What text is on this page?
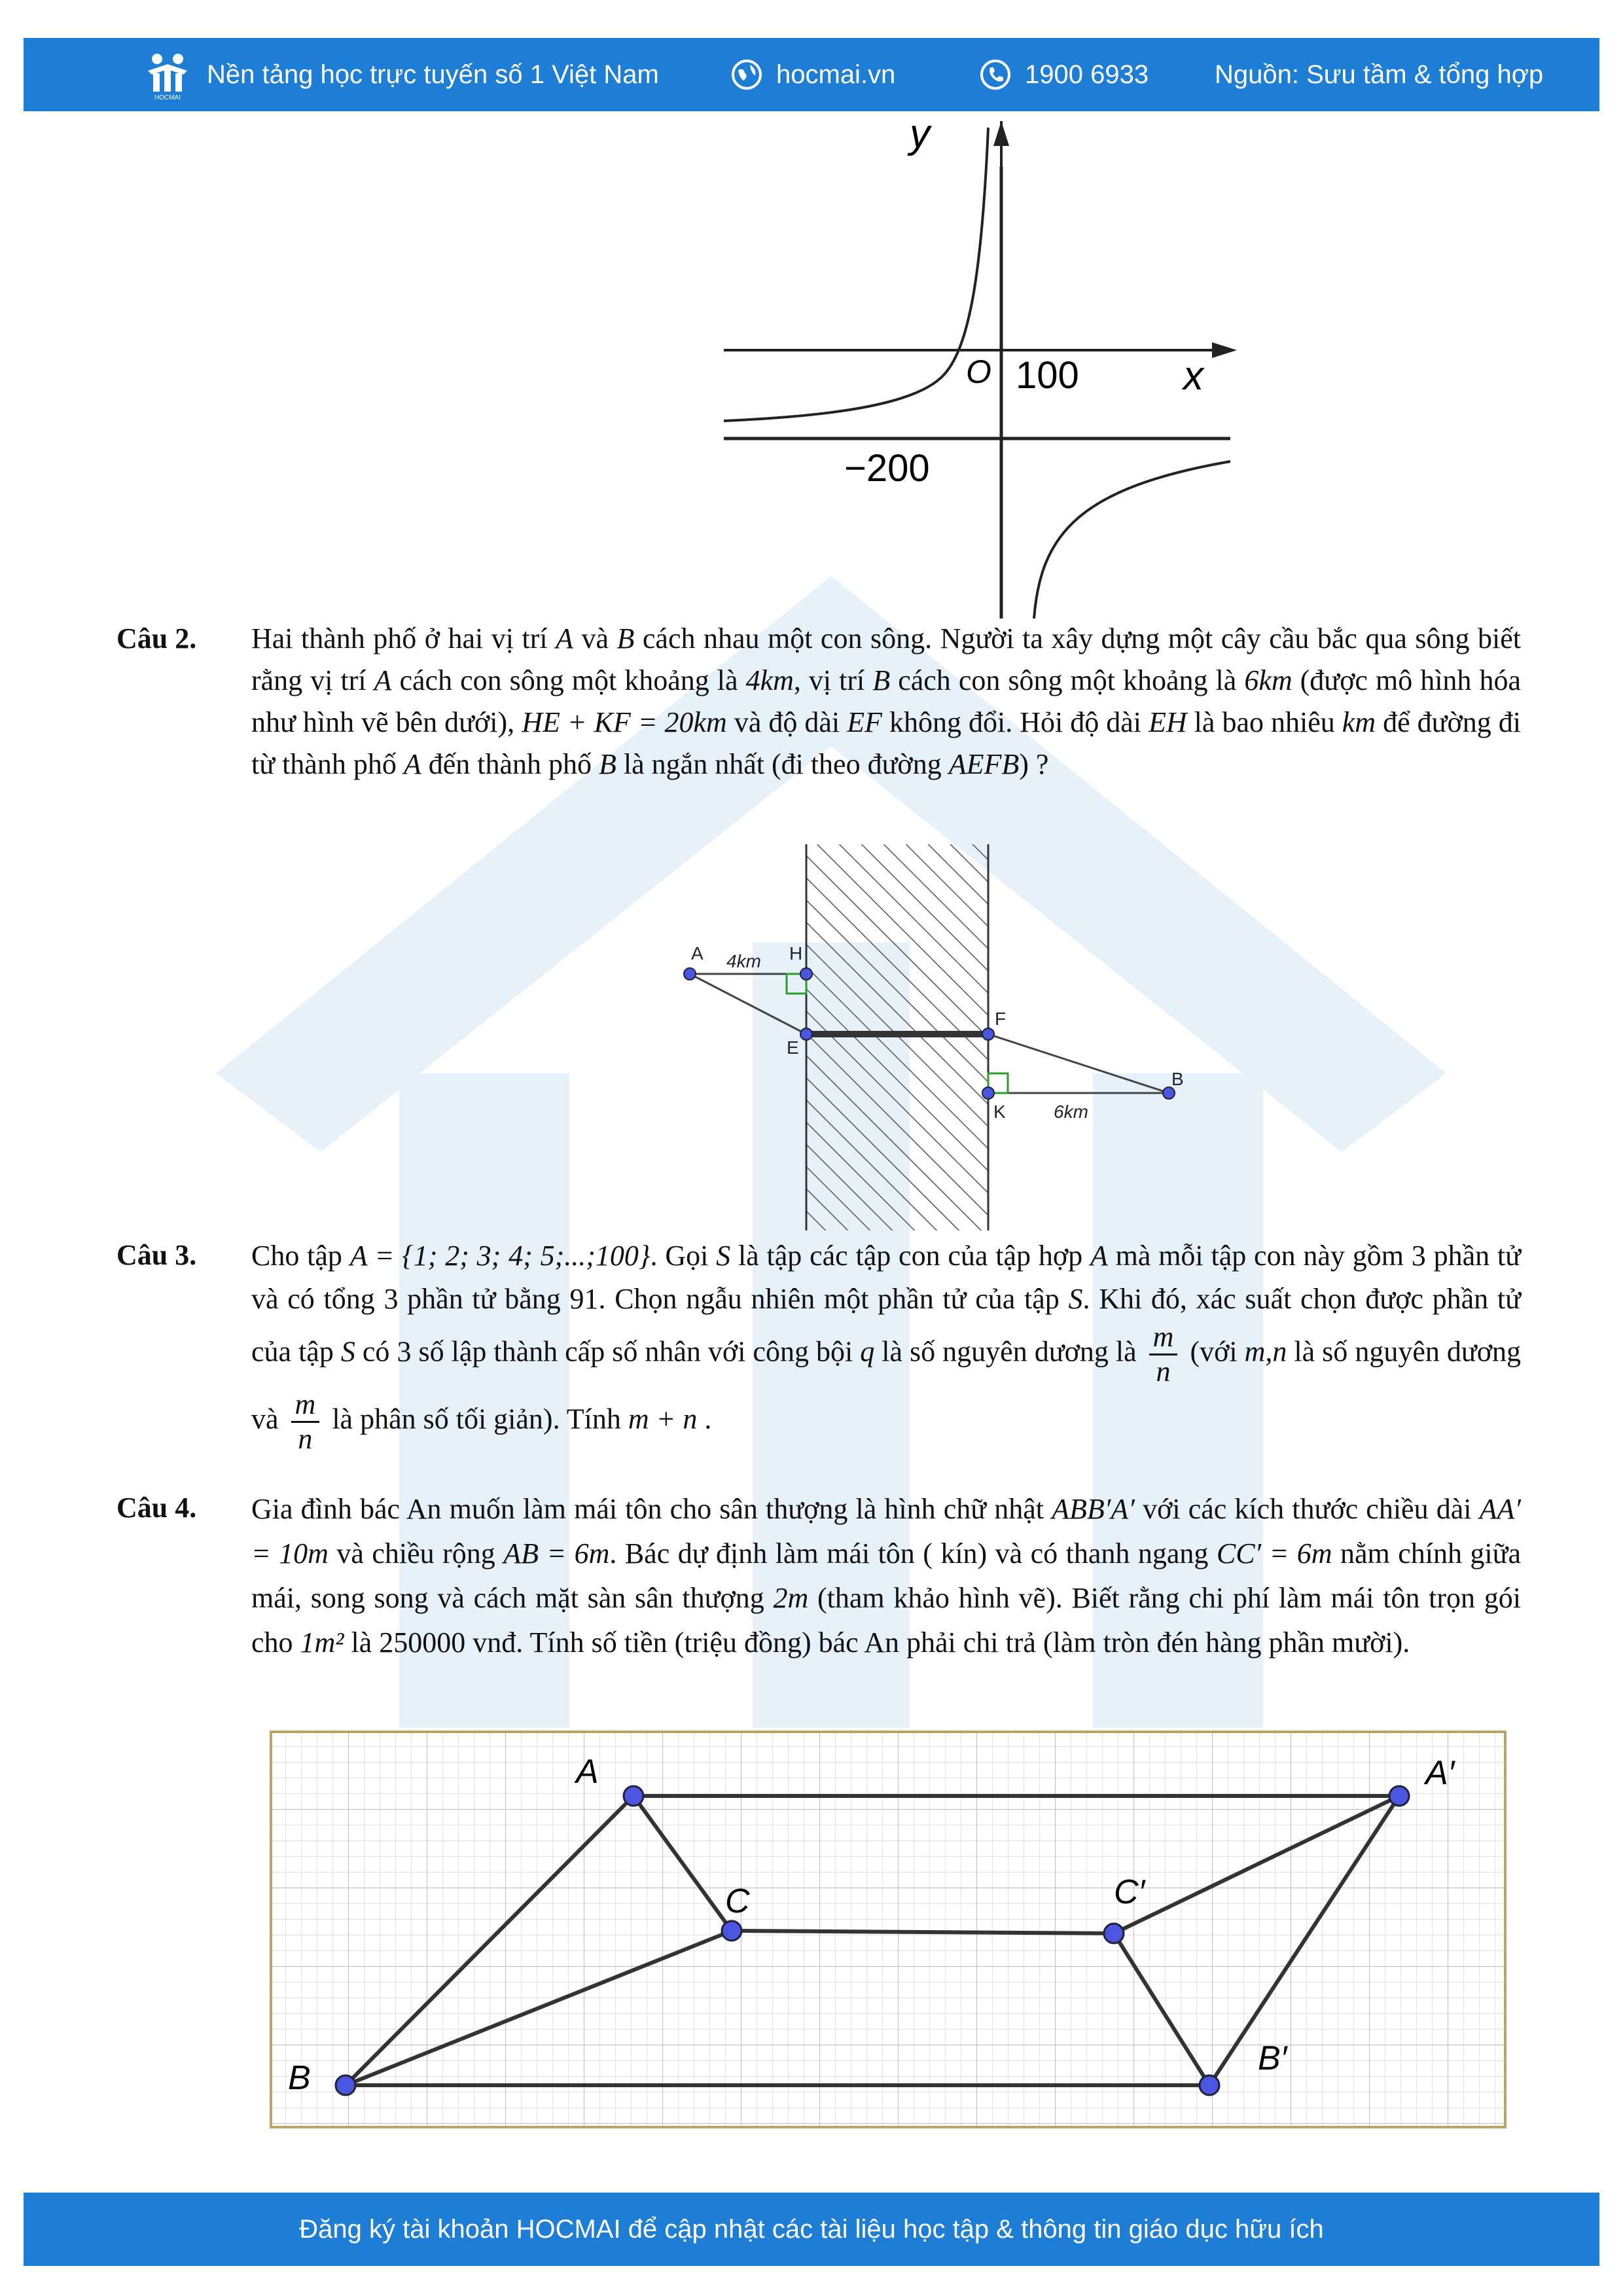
HOCMAI
Nền tảng học trực tuyến số 1 Việt Nam	hocmai.vn	1900 6933	Nguồn: Sưu tầm & tổng hợp
y
x
O 100
−200
Câu 2. Hai thành phố ở hai vị trí A và B cách nhau một con sông. Người ta xây dựng một cây cầu bắc qua sông biết rằng vị trí A cách con sông một khoảng là 4km, vị trí B cách con sông một khoảng là 6km (được mô hình hóa như hình vẽ bên dưới), HE + KF = 20km và độ dài EF không đổi. Hỏi độ dài EH là bao nhiêu km để đường đi từ thành phố A đến thành phố B là ngắn nhất (đi theo đường AEFB) ?
A	H
E
F
K
B
4km
6km
Câu 3. Cho tập A = {1; 2; 3; 4; 5;...;100}. Gọi S là tập các tập con của tập hợp A mà mỗi tập con này gồm 3 phần tử và có tổng 3 phần tử bằng 91. Chọn ngẫu nhiên một phần tử của tập S. Khi đó, xác suất chọn được phần tử của tập S có 3 số lập thành cấp số nhân với công bội q là số nguyên dương là $\frac{m}{n}$ (với m,n là số nguyên dương và $\frac{m}{n}$ là phân số tối giản). Tính m + n .
Câu 4. Gia đình bác An muốn làm mái tôn cho sân thượng là hình chữ nhật ABB′A′ với các kích thước chiều dài AA′ = 10m và chiều rộng AB = 6m. Bác dự định làm mái tôn ( kín) và có thanh ngang CC′ = 6m nằm chính giữa mái, song song và cách mặt sàn sân thượng 2m (tham khảo hình vẽ). Biết rằng chi phí làm mái tôn trọn gói cho 1m² là 250000 vnđ. Tính số tiền (triệu đồng) bác An phải chi trả (làm tròn đén hàng phần mười).
A	A′
B
B′
C	C′
Đăng ký tài khoản HOCMAI để cập nhật các tài liệu học tập & thông tin giáo dục hữu ích
